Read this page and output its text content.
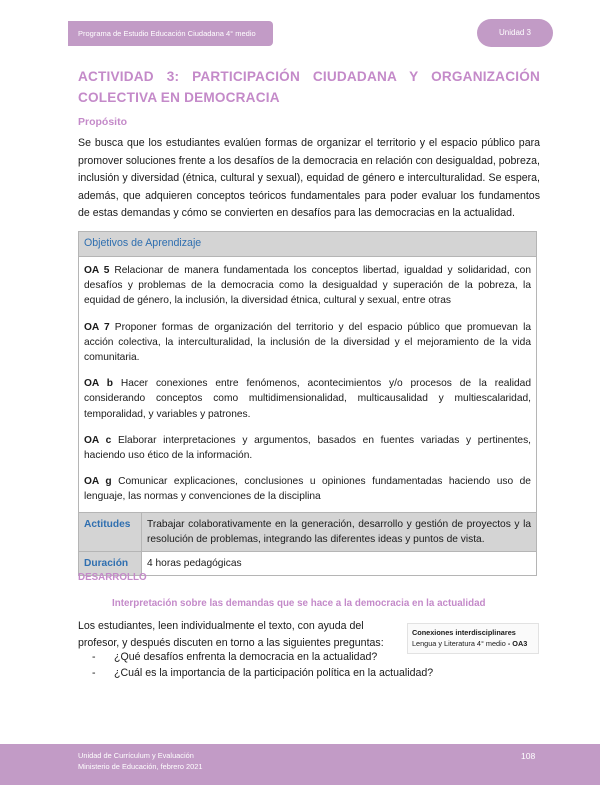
Programa de Estudio Educación Ciudadana 4° medio	Unidad 3
ACTIVIDAD 3: PARTICIPACIÓN CIUDADANA Y ORGANIZACIÓN COLECTIVA EN DEMOCRACIA
Propósito
Se busca que los estudiantes evalúen formas de organizar el territorio y el espacio público para promover soluciones frente a los desafíos de la democracia en relación con desigualdad, pobreza, inclusión y diversidad (étnica, cultural y sexual), equidad de género e interculturalidad. Se espera, además, que adquieren conceptos teóricos fundamentales para poder evaluar los fundamentos de estas demandas y cómo se convierten en desafíos para las democracias en la actualidad.
Objetivos de Aprendizaje	

OA 5 Relacionar de manera fundamentada los conceptos libertad, igualdad y solidaridad, con desafíos y problemas de la democracia como la desigualdad y superación de la pobreza, la equidad de género, la inclusión, la diversidad étnica, cultural y sexual, entre otras

OA 7 Proponer formas de organización del territorio y del espacio público que promuevan la acción colectiva, la interculturalidad, la inclusión de la diversidad y el mejoramiento de la vida comunitaria.

OA b Hacer conexiones entre fenómenos, acontecimientos y/o procesos de la realidad considerando conceptos como multidimensionalidad, multicausalidad y multiescalaridad, temporalidad, y variables y patrones.

OA c Elaborar interpretaciones y argumentos, basados en fuentes variadas y pertinentes, haciendo uso ético de la información.

OA g Comunicar explicaciones, conclusiones u opiniones fundamentadas haciendo uso de lenguaje, las normas y convenciones de la disciplina	

Actitudes	Trabajar colaborativamente en la generación, desarrollo y gestión de proyectos y la resolución de problemas, integrando las diferentes ideas y puntos de vista.
Duración	4 horas pedagógicas
DESARROLLO
Interpretación sobre las demandas que se hace a la democracia en la actualidad
Los estudiantes, leen individualmente el texto, con ayuda del profesor, y después discuten en torno a las siguientes preguntas:
- ¿Qué desafíos enfrenta la democracia en la actualidad?
- ¿Cuál es la importancia de la participación política en la actualidad?
Conexiones interdisciplinares
Lengua y Literatura 4° medio - OA3
Unidad de Currículum y Evaluación
Ministerio de Educación, febrero 2021
108
